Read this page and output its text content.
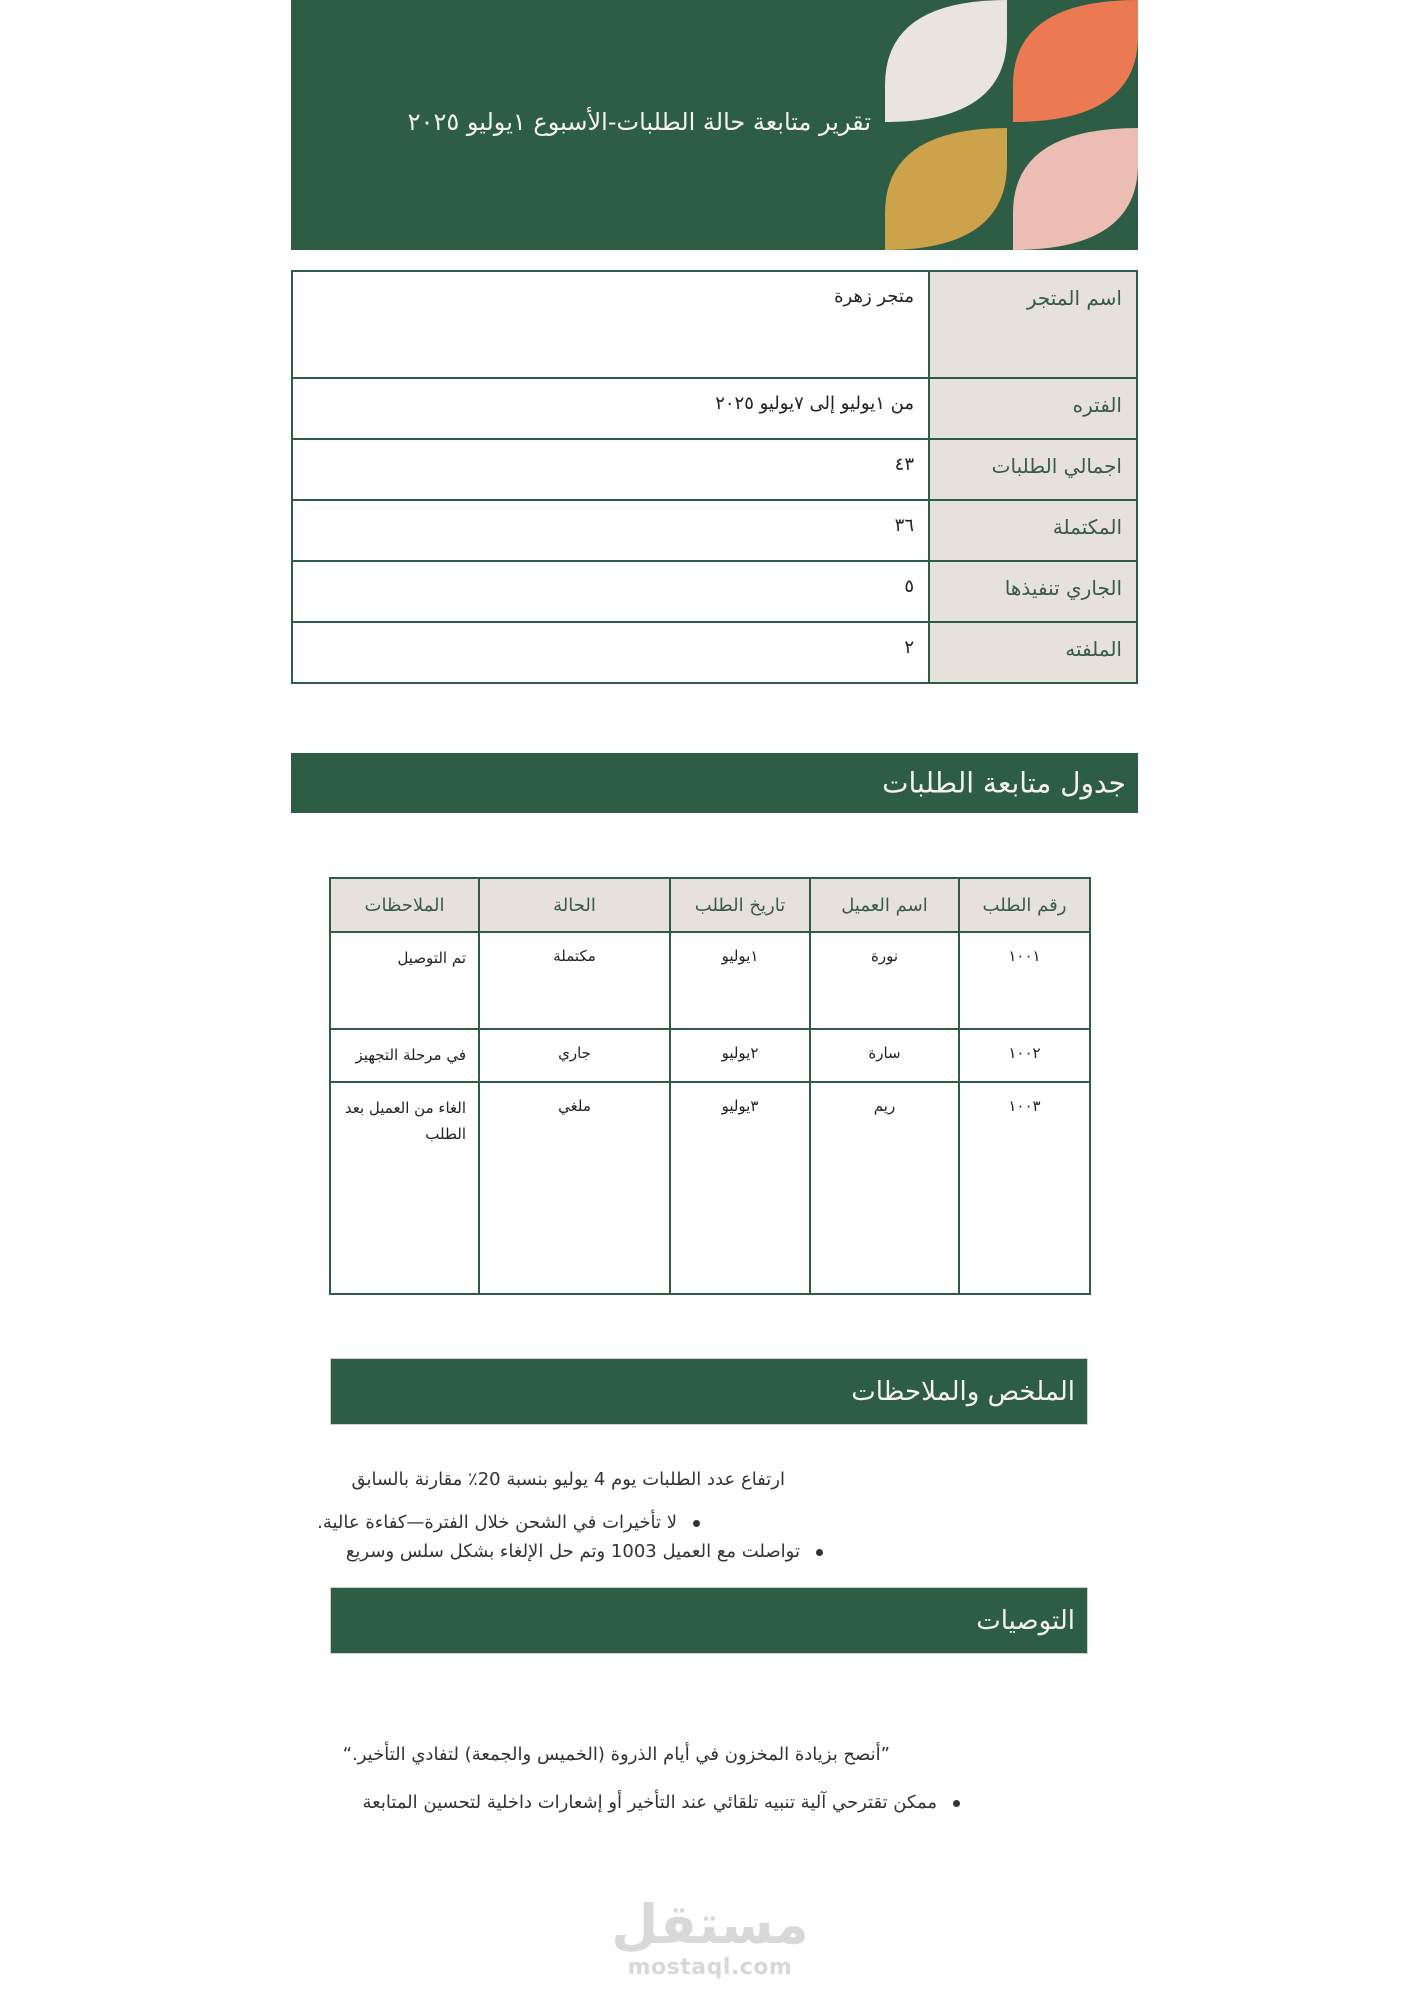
تقرير متابعة حالة الطلبات-الأسبوع ١يوليو ٢٠٢٥
اسم المتجر	متجر زهرة
الفتره	من ١يوليو إلى ٧يوليو ٢٠٢٥
اجمالي الطلبات	٤٣
المكتملة	٣٦
الجاري تنفيذها	٥
الملفته	٢
جدول متابعة الطلبات
رقم الطلب	اسم العميل	تاريخ الطلب	الحالة	الملاحظات
١٠٠١	نورة	١يوليو	مكتملة	تم التوصيل
١٠٠٢	سارة	٢يوليو	جاري	في مرحلة التجهيز
١٠٠٣	ريم	٣يوليو	ملغي	الغاء من العميل بعد الطلب
الملخص والملاحظات
ارتفاع عدد الطلبات يوم 4 يوليو بنسبة 20٪ مقارنة بالسابق
لا تأخيرات في الشحن خلال الفترة—كفاءة عالية.
تواصلت مع العميل 1003 وتم حل الإلغاء بشكل سلس وسريع
التوصيات
”أنصح بزيادة المخزون في أيام الذروة (الخميس والجمعة) لتفادي التأخير.“
ممكن تقترحي آلية تنبيه تلقائي عند التأخير أو إشعارات داخلية لتحسين المتابعة
مستقل
mostaql.com
